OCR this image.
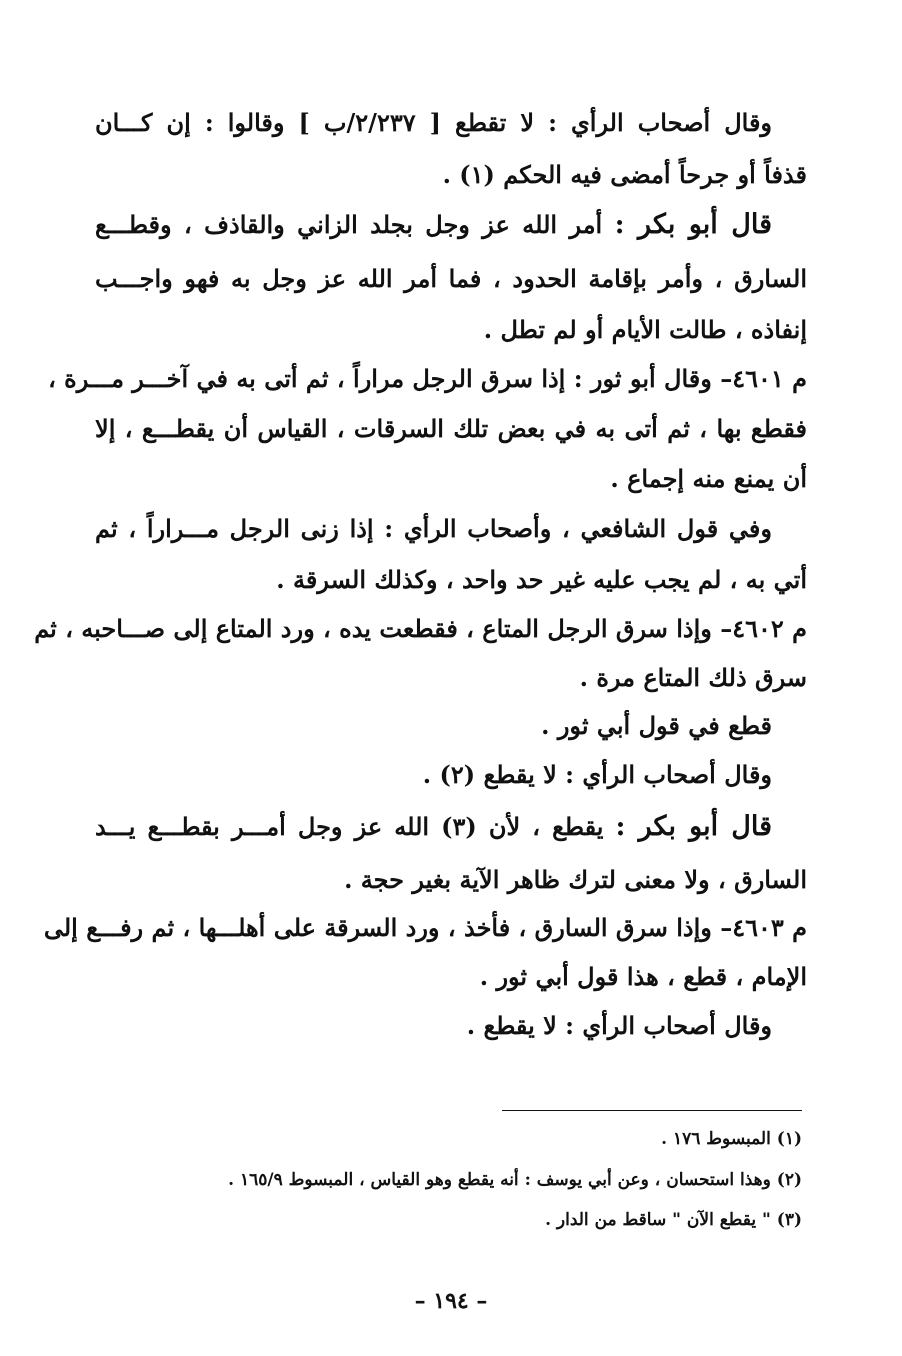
وقال أصحاب الرأي : لا تقطع [ ٢/٢٣٧/ب ] وقالوا : إن كـــان
قذفاً أو جرحاً أمضى فيه الحكم (١) .
قال أبو بكر : أمر الله عز وجل بجلد الزاني والقاذف ، وقطـــع
السارق ، وأمر بإقامة الحدود ، فما أمر الله عز وجل به فهو واجـــب
إنفاذه ، طالت الأيام أو لم تطل .
م ٤٦٠١– وقال أبو ثور : إذا سرق الرجل مراراً ، ثم أتى به في آخـــر مـــرة ،
فقطع بها ، ثم أتى به في بعض تلك السرقات ، القياس أن يقطـــع ، إلا
أن يمنع منه إجماع .
وفي قول الشافعي ، وأصحاب الرأي : إذا زنى الرجل مـــراراً ، ثم
أتي به ، لم يجب عليه غير حد واحد ، وكذلك السرقة .
م ٤٦٠٢– وإذا سرق الرجل المتاع ، فقطعت يده ، ورد المتاع إلى صـــاحبه ، ثم
سرق ذلك المتاع مرة .
قطع في قول أبي ثور .
وقال أصحاب الرأي : لا يقطع (٢) .
قال أبو بكر : يقطع ، لأن (٣) الله عز وجل أمـــر بقطـــع يـــد
السارق ، ولا معنى لترك ظاهر الآية بغير حجة .
م ٤٦٠٣– وإذا سرق السارق ، فأخذ ، ورد السرقة على أهلـــها ، ثم رفـــع إلى
الإمام ، قطع ، هذا قول أبي ثور .
وقال أصحاب الرأي : لا يقطع .
(١) المبسوط ١٧٦ .
(٢) وهذا استحسان ، وعن أبي يوسف : أنه يقطع وهو القياس ، المبسوط ١٦٥/٩ .
(٣) " يقطع الآن " ساقط من الدار .
– ١٩٤ –
